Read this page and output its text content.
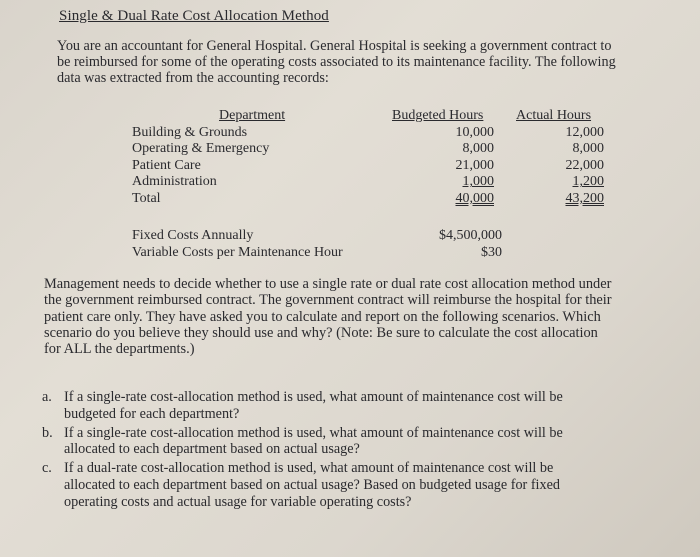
Single & Dual Rate Cost Allocation Method
You are an accountant for General Hospital. General Hospital is seeking a government contract to
be reimbursed for some of the operating costs associated to its maintenance facility. The following
data was extracted from the accounting records:
Department
Building & Grounds
Operating & Emergency
Patient Care
Administration
Total
Budgeted Hours
10,000
8,000
21,000
1,000
40,000
Actual Hours
12,000
8,000
22,000
1,200
43,200
Fixed Costs Annually
Variable Costs per Maintenance Hour
$4,500,000
$30
Management needs to decide whether to use a single rate or dual rate cost allocation method under
the government reimbursed contract. The government contract will reimburse the hospital for their
patient care only. They have asked you to calculate and report on the following scenarios. Which
scenario do you believe they should use and why? (Note: Be sure to calculate the cost allocation
for ALL the departments.)
a. If a single-rate cost-allocation method is used, what amount of maintenance cost will be
budgeted for each department?
b. If a single-rate cost-allocation method is used, what amount of maintenance cost will be
allocated to each department based on actual usage?
c. If a dual-rate cost-allocation method is used, what amount of maintenance cost will be
allocated to each department based on actual usage? Based on budgeted usage for fixed
operating costs and actual usage for variable operating costs?
